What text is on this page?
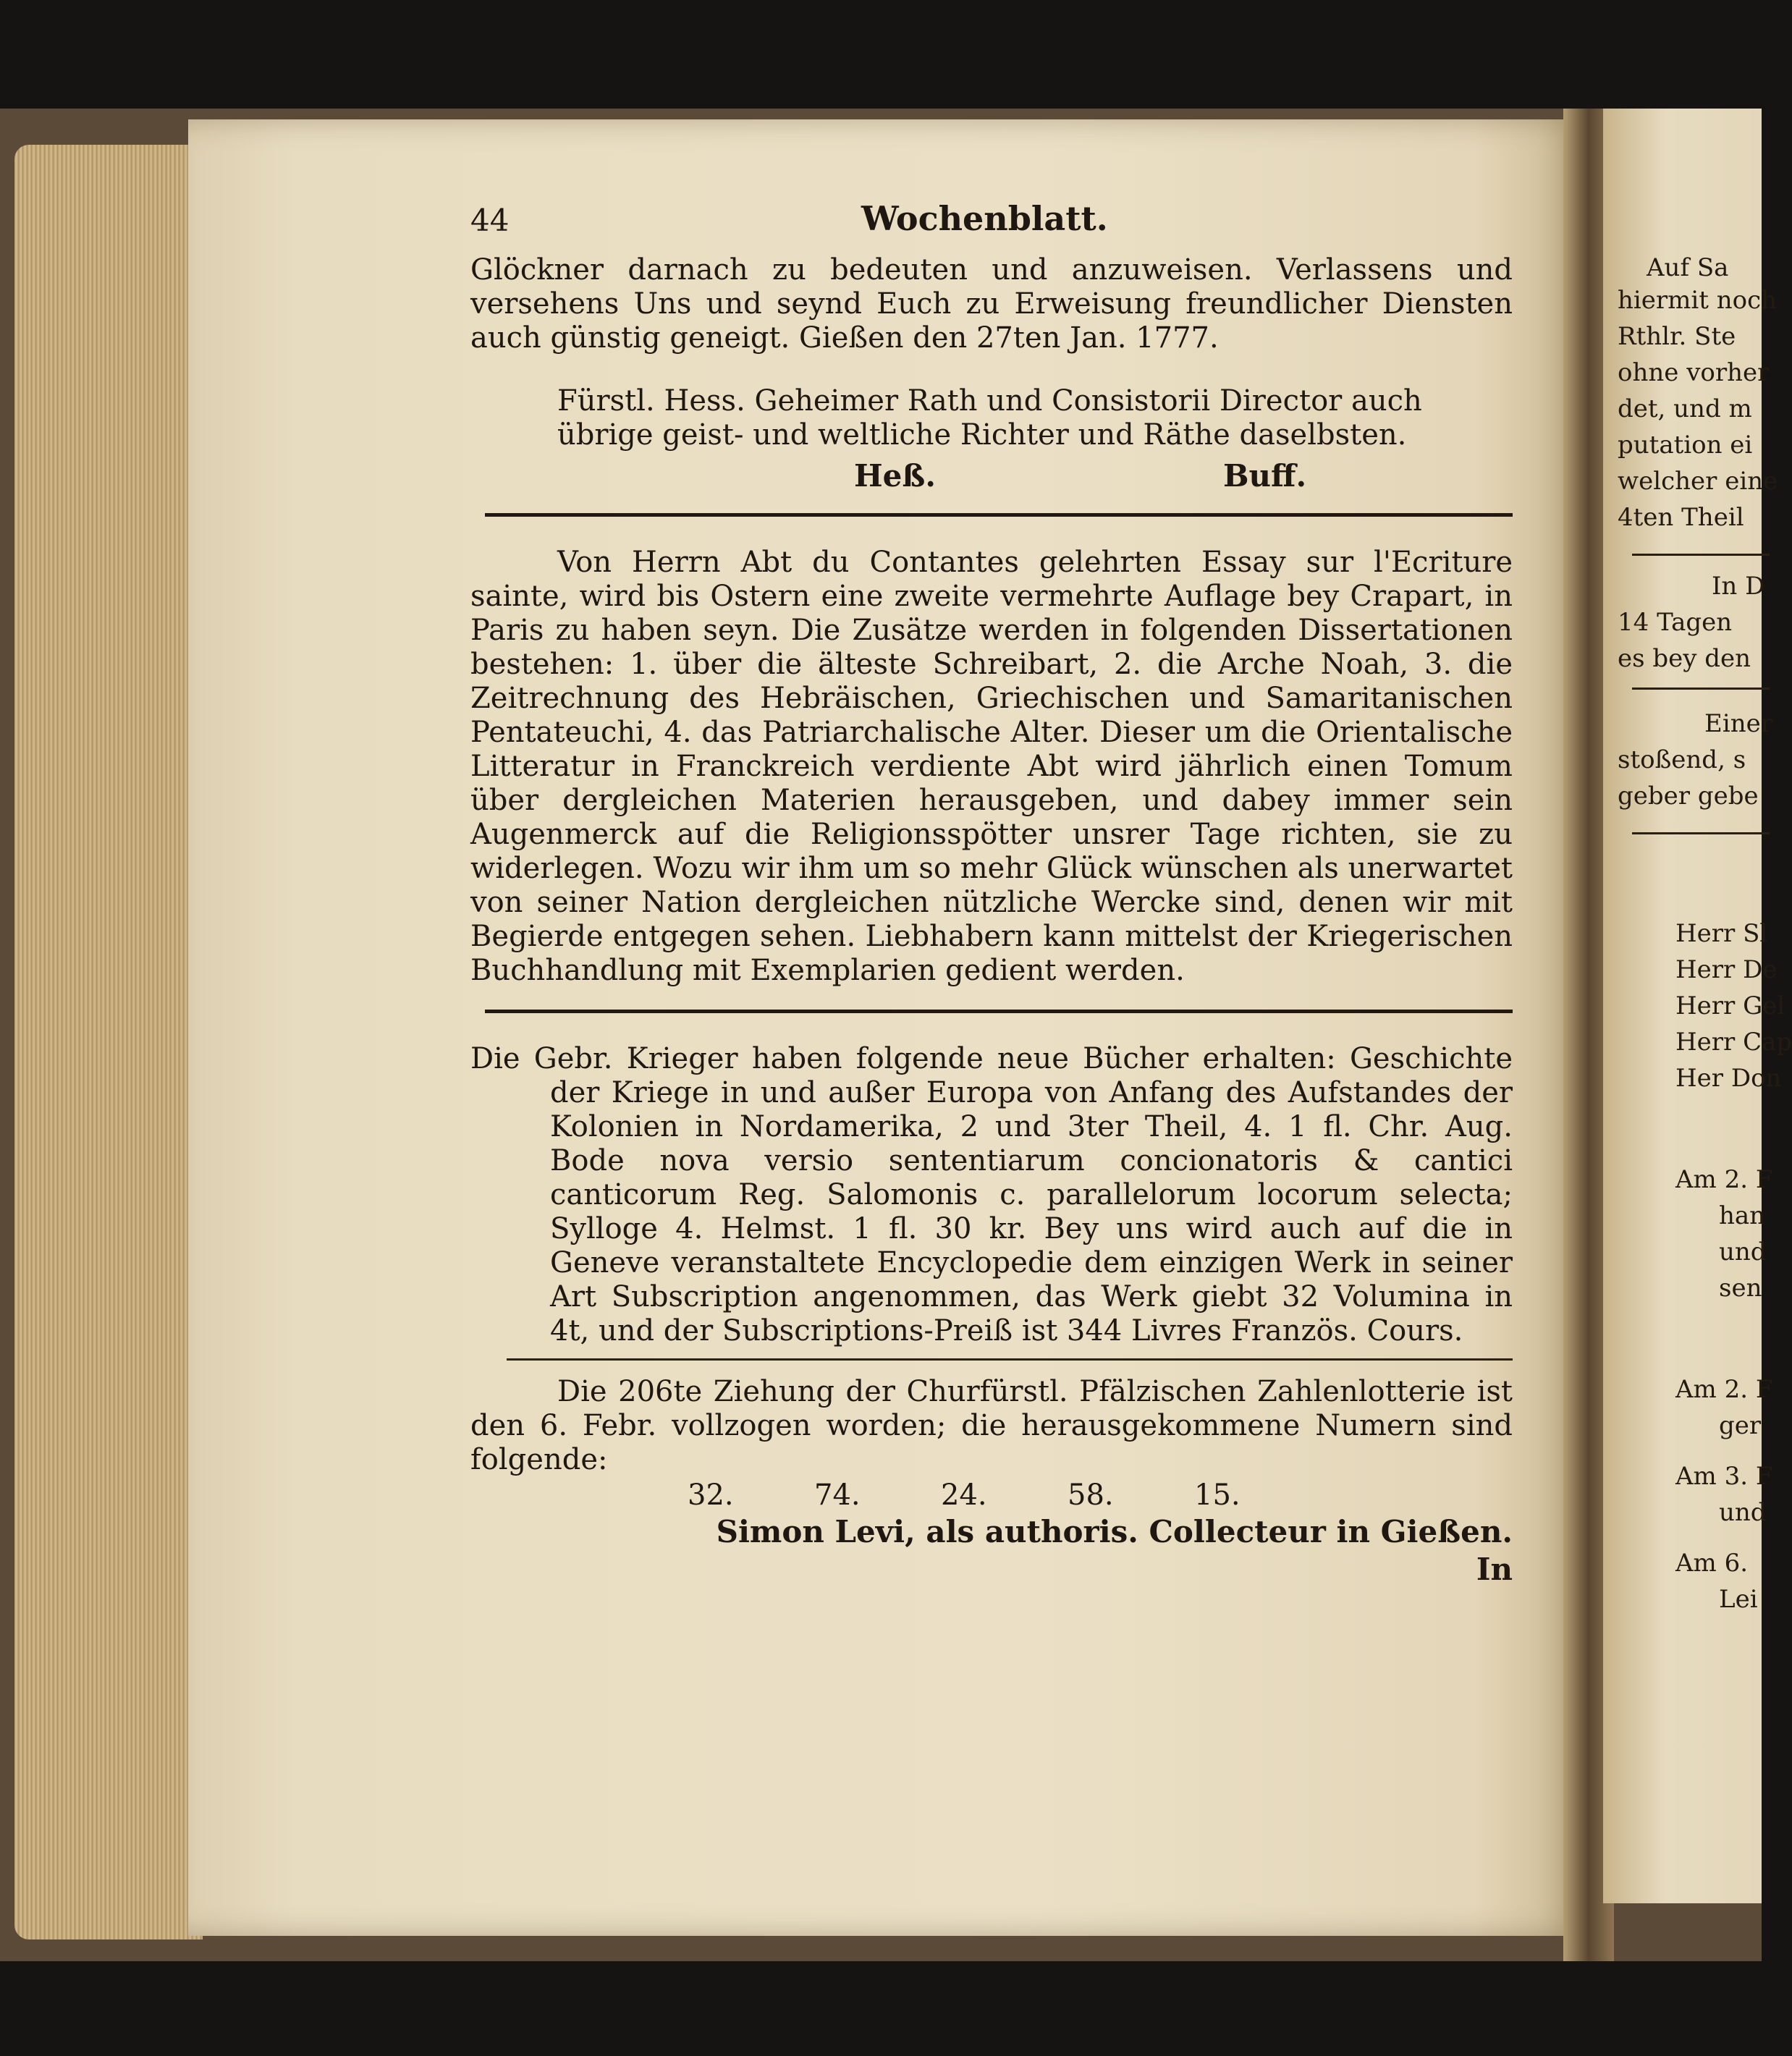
Auf Sa
hiermit noch
Rthlr. Ste
ohne vorher
det, und m
putation ei
welcher eine
4ten Theil
In D
14 Tagen
es bey den
Einer
stoßend, s
geber gebe
Herr Sl
Herr De
Herr Gel
Herr Cap
Her Don
Am 2. F
han
und
sen
Am 2. F
ger
Am 3. F
und
Am 6.
Lei
44	Wochenblatt.

Glöckner darnach zu bedeuten und anzuweisen. Verlassens und versehens Uns und seynd Euch zu Erweisung freundlicher Diensten auch günstig geneigt. Gießen den 27ten Jan. 1777.

Fürstl. Hess. Geheimer Rath und Consistorii Director auch übrige geist- und weltliche Richter und Räthe daselbsten.

Heß.	Buff.

Von Herrn Abt du Contantes gelehrten Essay sur l'Ecriture sainte, wird bis Ostern eine zweite vermehrte Auflage bey Crapart, in Paris zu haben seyn. Die Zusätze werden in folgenden Dissertationen bestehen: 1. über die älteste Schreibart, 2. die Arche Noah, 3. die Zeitrechnung des Hebräischen, Griechischen und Samaritanischen Pentateuchi, 4. das Patriarchalische Alter. Dieser um die Orientalische Litteratur in Franckreich verdiente Abt wird jährlich einen Tomum über dergleichen Materien herausgeben, und dabey immer sein Augenmerck auf die Religionsspötter unsrer Tage richten, sie zu widerlegen. Wozu wir ihm um so mehr Glück wünschen als unerwartet von seiner Nation dergleichen nützliche Wercke sind, denen wir mit Begierde entgegen sehen. Liebhabern kann mittelst der Kriegerischen Buchhandlung mit Exemplarien gedient werden.

Die Gebr. Krieger haben folgende neue Bücher erhalten: Geschichte der Kriege in und außer Europa von Anfang des Aufstandes der Kolonien in Nordamerika, 2 und 3ter Theil, 4. 1 fl. Chr. Aug. Bode nova versio sententiarum concionatoris & cantici canticorum Reg. Salomonis c. parallelorum locorum selecta; Sylloge 4. Helmst. 1 fl. 30 kr. Bey uns wird auch auf die in Geneve veranstaltete Encyclopedie dem einzigen Werk in seiner Art Subscription angenommen, das Werk giebt 32 Volumina in 4t, und der Subscriptions-Preiß ist 344 Livres Französ. Cours.

Die 206te Ziehung der Churfürstl. Pfälzischen Zahlenlotterie ist den 6. Febr. vollzogen worden; die herausgekommene Numern sind folgende:

32.	74.	24.	58.	15.

Simon Levi, als authoris. Collecteur in Gießen.

In
